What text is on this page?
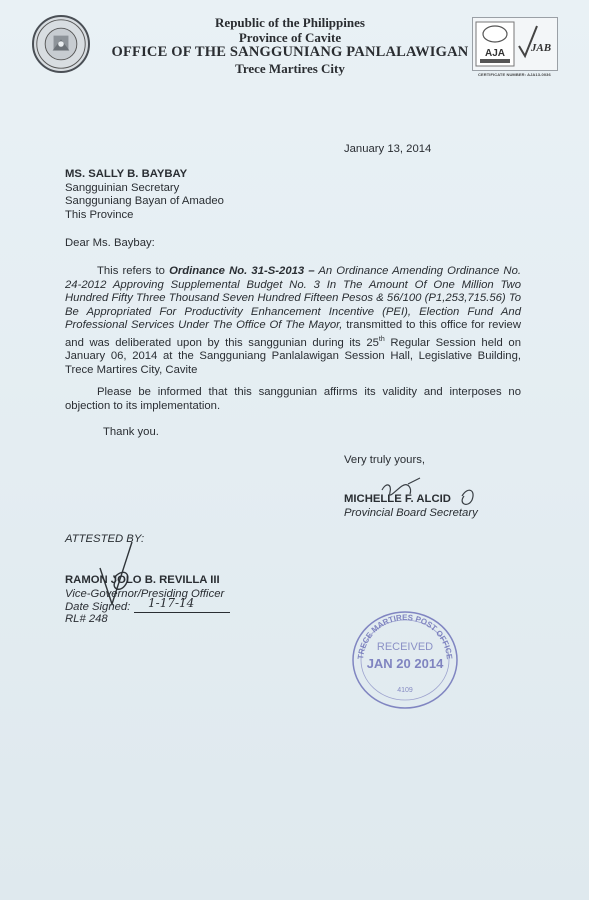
Republic of the Philippines
Province of Cavite
OFFICE OF THE SANGGUNIANG PANLALAWIGAN
Trece Martires City
AJA JAB
CERTIFICATE NUMBER: AJA13-0036
January 13, 2014
MS. SALLY B. BAYBAY
Sangguinian Secretary
Sangguniang Bayan of Amadeo
This Province
Dear Ms. Baybay:
This refers to Ordinance No. 31-S-2013 – An Ordinance Amending Ordinance No. 24-2012 Approving Supplemental Budget No. 3 In The Amount Of One Million Two Hundred Fifty Three Thousand Seven Hundred Fifteen Pesos & 56/100 (P1,253,715.56) To Be Appropriated For Productivity Enhancement Incentive (PEI), Election Fund And Professional Services Under The Office Of The Mayor, transmitted to this office for review and was deliberated upon by this sanggunian during its 25th Regular Session held on January 06, 2014 at the Sangguniang Panlalawigan Session Hall, Legislative Building, Trece Martires City, Cavite
Please be informed that this sanggunian affirms its validity and interposes no objection to its implementation.
Thank you.
Very truly yours,
MICHELLE F. ALCID
Provincial Board Secretary
ATTESTED BY:
RAMON JOLO B. REVILLA III
Vice-Governor/Presiding Officer
Date Signed: 1-17-14
RL# 248
TRECE MARTIRES POST OFFICE
RECEIVED
JAN 20 2014
4109
